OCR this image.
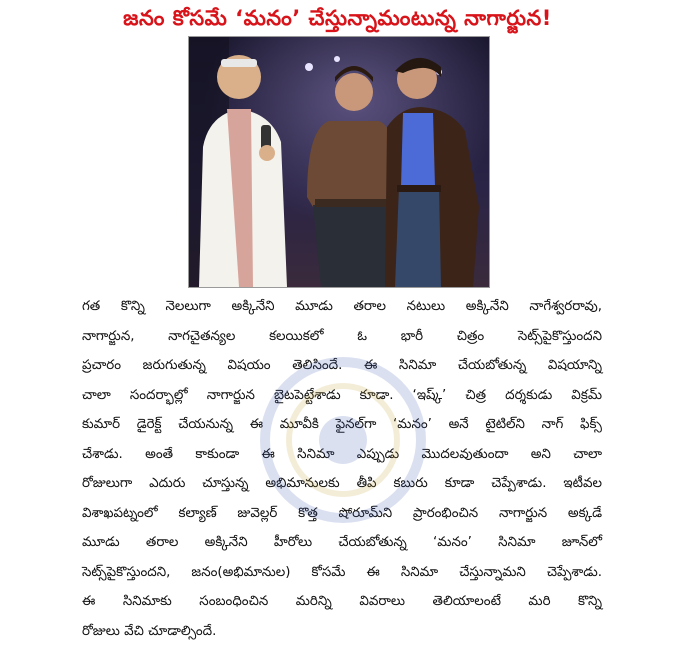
జనం కోసమే ‘మనం’ చేస్తున్నామంటున్న నాగార్జున!
గత కొన్ని నెలలుగా అక్కినేని మూడు తరాల నటులు అక్కినేని నాగేశ్వరరావు,
నాగార్జున, నాగచైతన్యల కలయికలో ఓ భారీ చిత్రం సెట్స్‌పైకొస్తుందని
ప్రచారం జరుగుతున్న విషయం తెలిసిందే. ఈ సినిమా చేయబోతున్న విషయాన్ని
చాలా సందర్భాల్లో నాగార్జున బైటపెట్టేశాడు కూడా. ‘ఇష్క్’ చిత్ర దర్శకుడు విక్రమ్
కుమార్ డైరెక్ట్ చేయనున్న ఈ మూవీకి ఫైనల్‌గా ‘మనం’ అనే టైటిల్‌ని నాగ్ ఫిక్స్
చేశాడు. అంతే కాకుండా ఈ సినిమా ఎప్పుడు మొదలవుతుందా అని చాలా
రోజులుగా ఎదురు చూస్తున్న అభిమానులకు తీపి కబురు కూడా చెప్పేశాడు. ఇటీవల
విశాఖపట్నంలో కల్యాణ్ జువెల్లర్ కొత్త షోరూమ్‌ని ప్రారంభించిన నాగార్జున అక్కడే
మూడు తరాల అక్కినేని హీరోలు చేయబోతున్న ‘మనం’ సినిమా జూన్‌లో
సెట్స్‌పైకొస్తుందని, జనం(అభిమానుల) కోసమే ఈ సినిమా చేస్తున్నామని చెప్పేశాడు.
ఈ సినిమాకు సంబంధించిన మరిన్ని వివరాలు తెలియాలంటే మరి కొన్ని
రోజులు వేచి చూడాల్సిందే.
